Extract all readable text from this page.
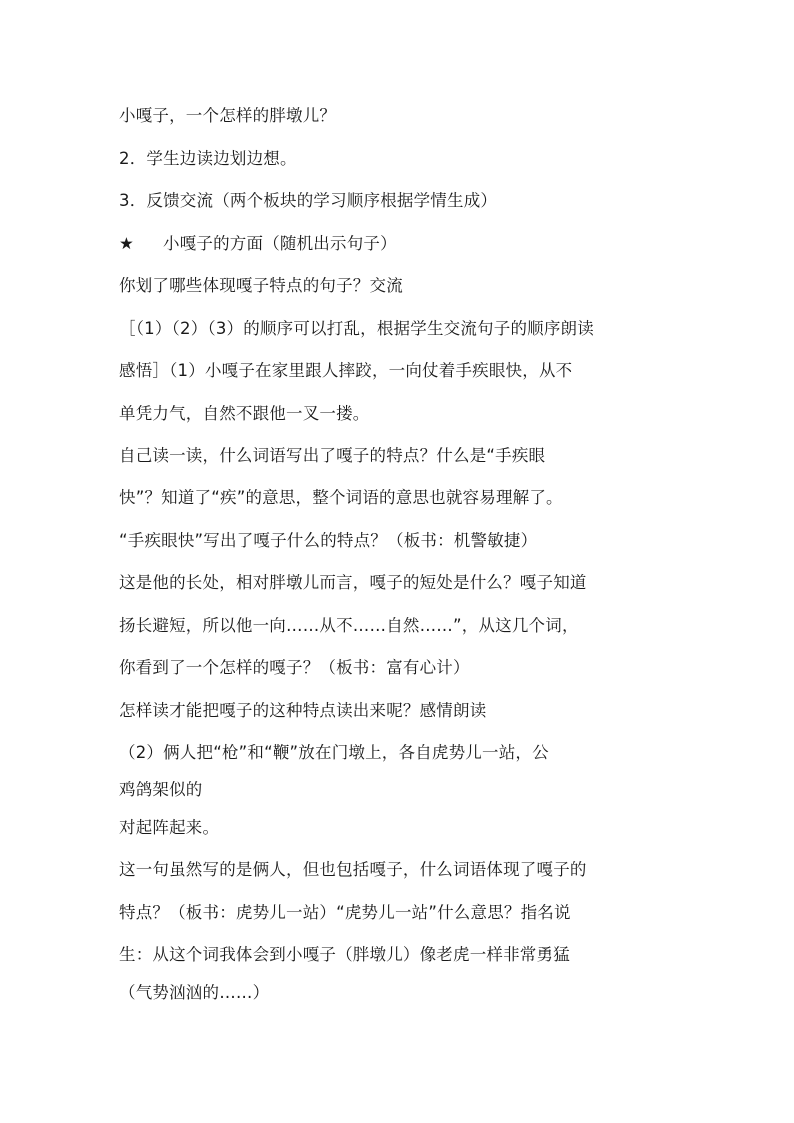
小嘎子，一个怎样的胖墩儿？
2．学生边读边划边想。
3．反馈交流（两个板块的学习顺序根据学情生成）
★ 小嘎子的方面（随机出示句子）
你划了哪些体现嘎子特点的句子？交流
［（1）（2）（3）的顺序可以打乱，根据学生交流句子的顺序朗读
感悟］（1）小嘎子在家里跟人摔跤，一向仗着手疾眼快，从不
单凭力气，自然不跟他一叉一搂。
自己读一读，什么词语写出了嘎子的特点？什么是“手疾眼
快”？知道了“疾”的意思，整个词语的意思也就容易理解了。
“手疾眼快”写出了嘎子什么的特点？（板书：机警敏捷）
这是他的长处，相对胖墩儿而言，嘎子的短处是什么？嘎子知道
扬长避短，所以他一向……从不……自然……”，从这几个词，
你看到了一个怎样的嘎子？（板书：富有心计）
怎样读才能把嘎子的这种特点读出来呢？感情朗读
（2）俩人把“枪”和“鞭”放在门墩上，各自虎势儿一站，公
鸡鸽架似的
对起阵起来。
这一句虽然写的是俩人，但也包括嘎子，什么词语体现了嘎子的
特点？（板书：虎势儿一站）“虎势儿一站”什么意思？指名说
生：从这个词我体会到小嘎子（胖墩儿）像老虎一样非常勇猛
（气势汹汹的……）
